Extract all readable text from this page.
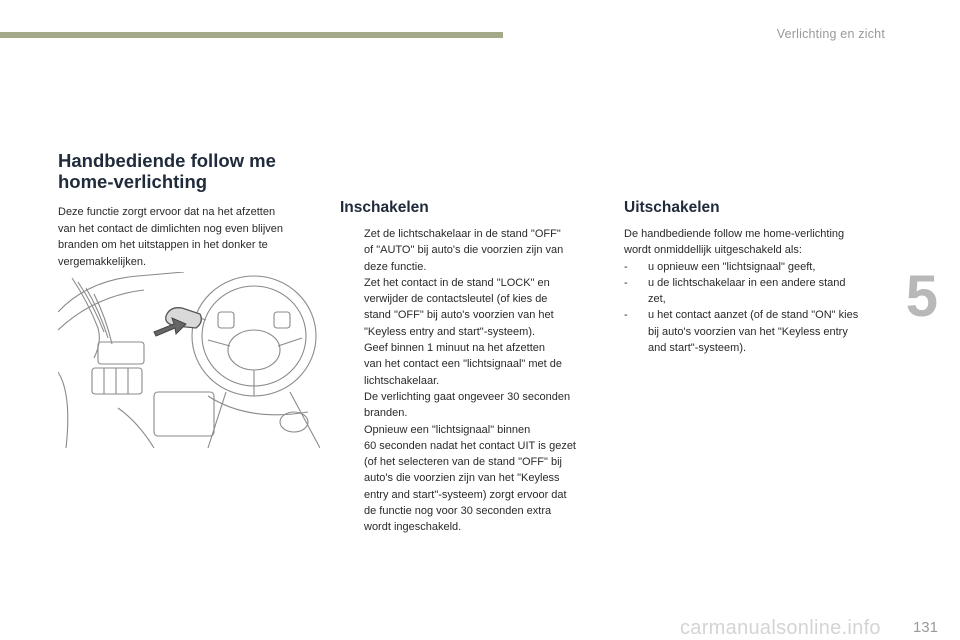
Verlichting en zicht
5
131
carmanualsonline.info
Handbediende follow me
home-verlichting

Deze functie zorgt ervoor dat na het afzetten
van het contact de dimlichten nog even blijven
branden om het uitstappen in het donker te
vergemakkelijken.

Inschakelen
Zet de lichtschakelaar in de stand "OFF"
of "AUTO" bij auto's die voorzien zijn van
deze functie.
Zet het contact in de stand "LOCK" en
verwijder de contactsleutel (of kies de
stand "OFF" bij auto's voorzien van het
"Keyless entry and start"-systeem).
Geef binnen 1 minuut na het afzetten
van het contact een "lichtsignaal" met de
lichtschakelaar.
De verlichting gaat ongeveer 30 seconden
branden.
Opnieuw een "lichtsignaal" binnen
60 seconden nadat het contact UIT is gezet
(of het selecteren van de stand "OFF" bij
auto's die voorzien zijn van het "Keyless
entry and start"-systeem) zorgt ervoor dat
de functie nog voor 30 seconden extra
wordt ingeschakeld.
Uitschakelen

De handbediende follow me home-verlichting
wordt onmiddellijk uitgeschakeld als:

- u opnieuw een "lichtsignaal" geeft,
- u de lichtschakelaar in een andere stand
zet,
- u het contact aanzet (of de stand "ON" kies
bij auto's voorzien van het "Keyless entry
and start"-systeem).
